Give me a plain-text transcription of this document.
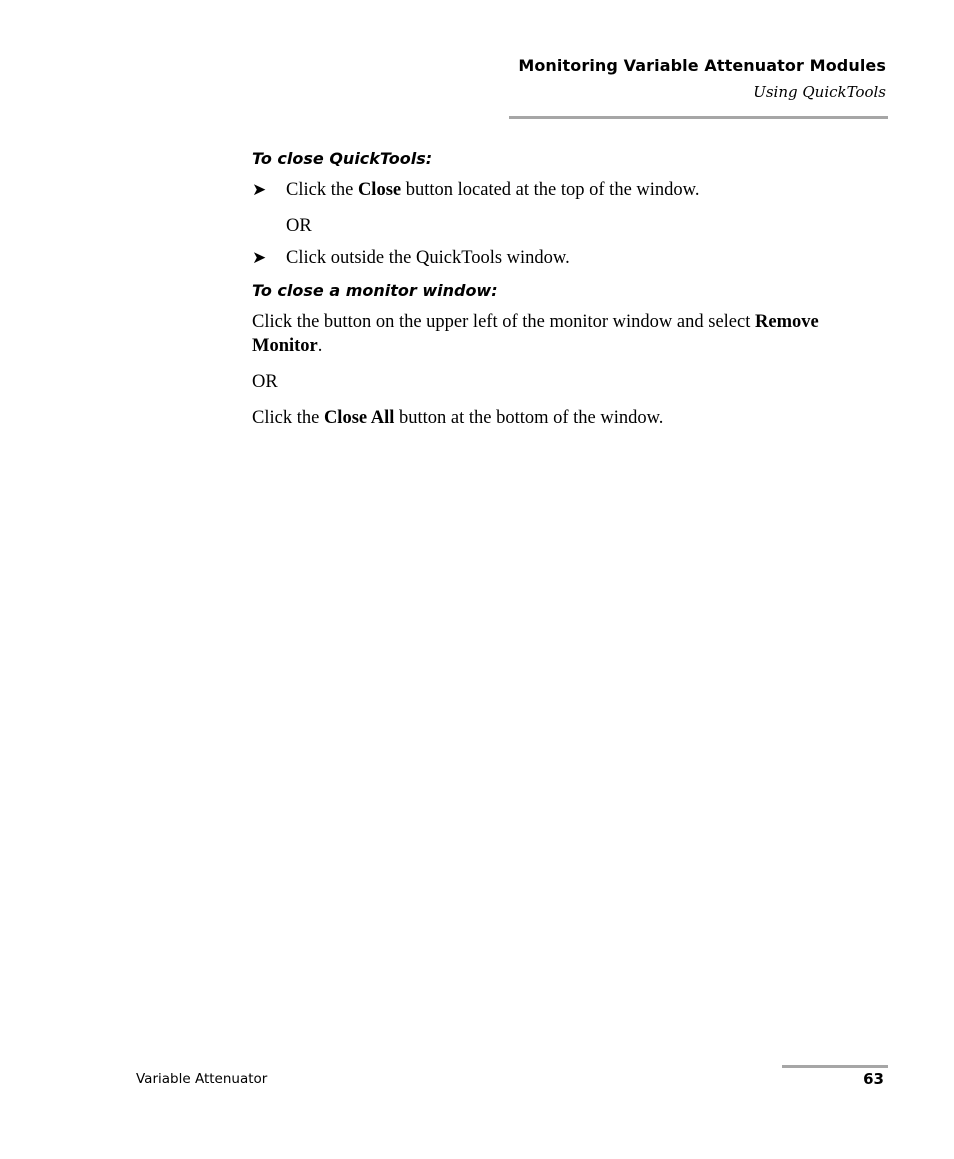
Monitoring Variable Attenuator Modules
Using QuickTools
To close QuickTools:
➤	Click the Close button located at the top of the window.
OR
➤	Click outside the QuickTools window.
To close a monitor window:
Click the button on the upper left of the monitor window and select Remove Monitor.
OR
Click the Close All button at the bottom of the window.
Variable Attenuator	63
